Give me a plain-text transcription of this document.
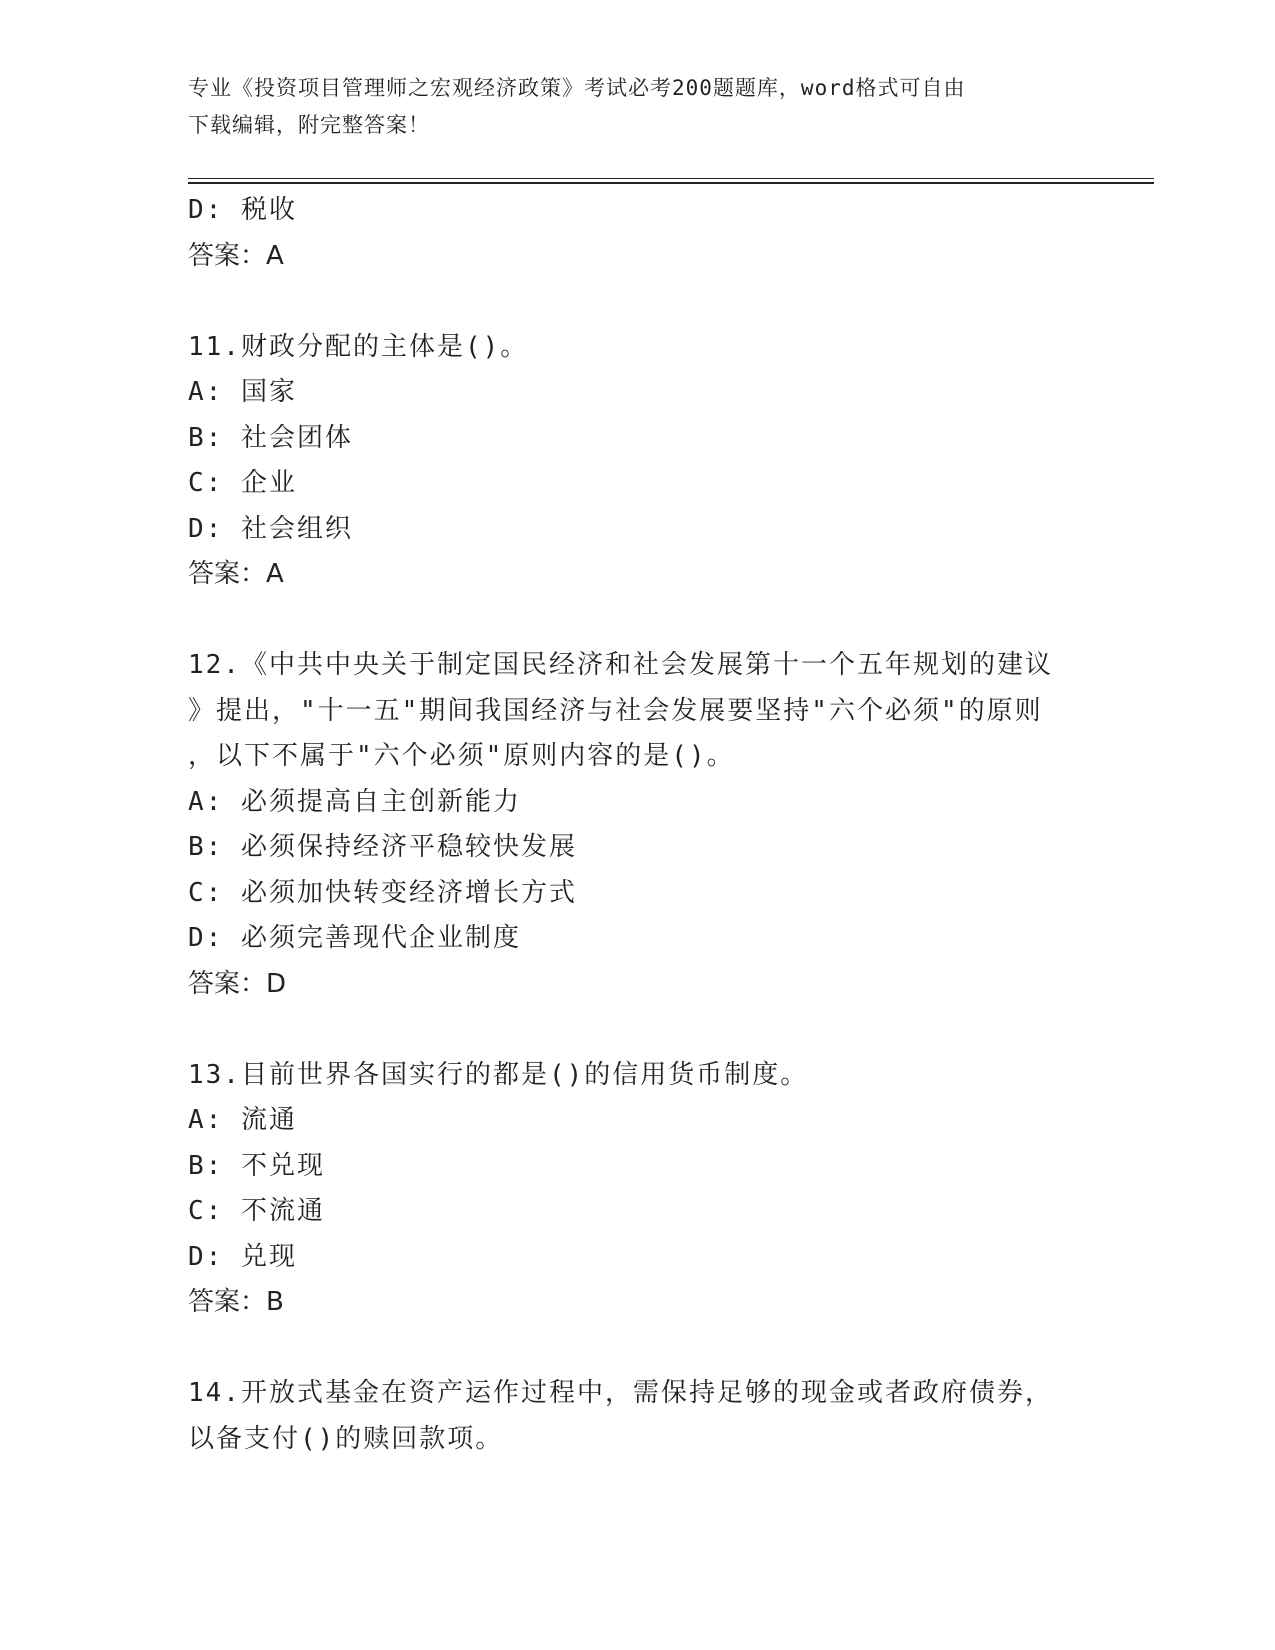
专业《投资项目管理师之宏观经济政策》考试必考200题题库，word格式可自由
下载编辑，附完整答案！
D: 税收
答案：A
11.财政分配的主体是()。
A: 国家
B: 社会团体
C: 企业
D: 社会组织
答案：A
12.《中共中央关于制定国民经济和社会发展第十一个五年规划的建议
》提出，"十一五"期间我国经济与社会发展要坚持"六个必须"的原则
，以下不属于"六个必须"原则内容的是()。
A: 必须提高自主创新能力
B: 必须保持经济平稳较快发展
C: 必须加快转变经济增长方式
D: 必须完善现代企业制度
答案：D
13.目前世界各国实行的都是()的信用货币制度。
A: 流通
B: 不兑现
C: 不流通
D: 兑现
答案：B
14.开放式基金在资产运作过程中，需保持足够的现金或者政府债券，
以备支付()的赎回款项。
